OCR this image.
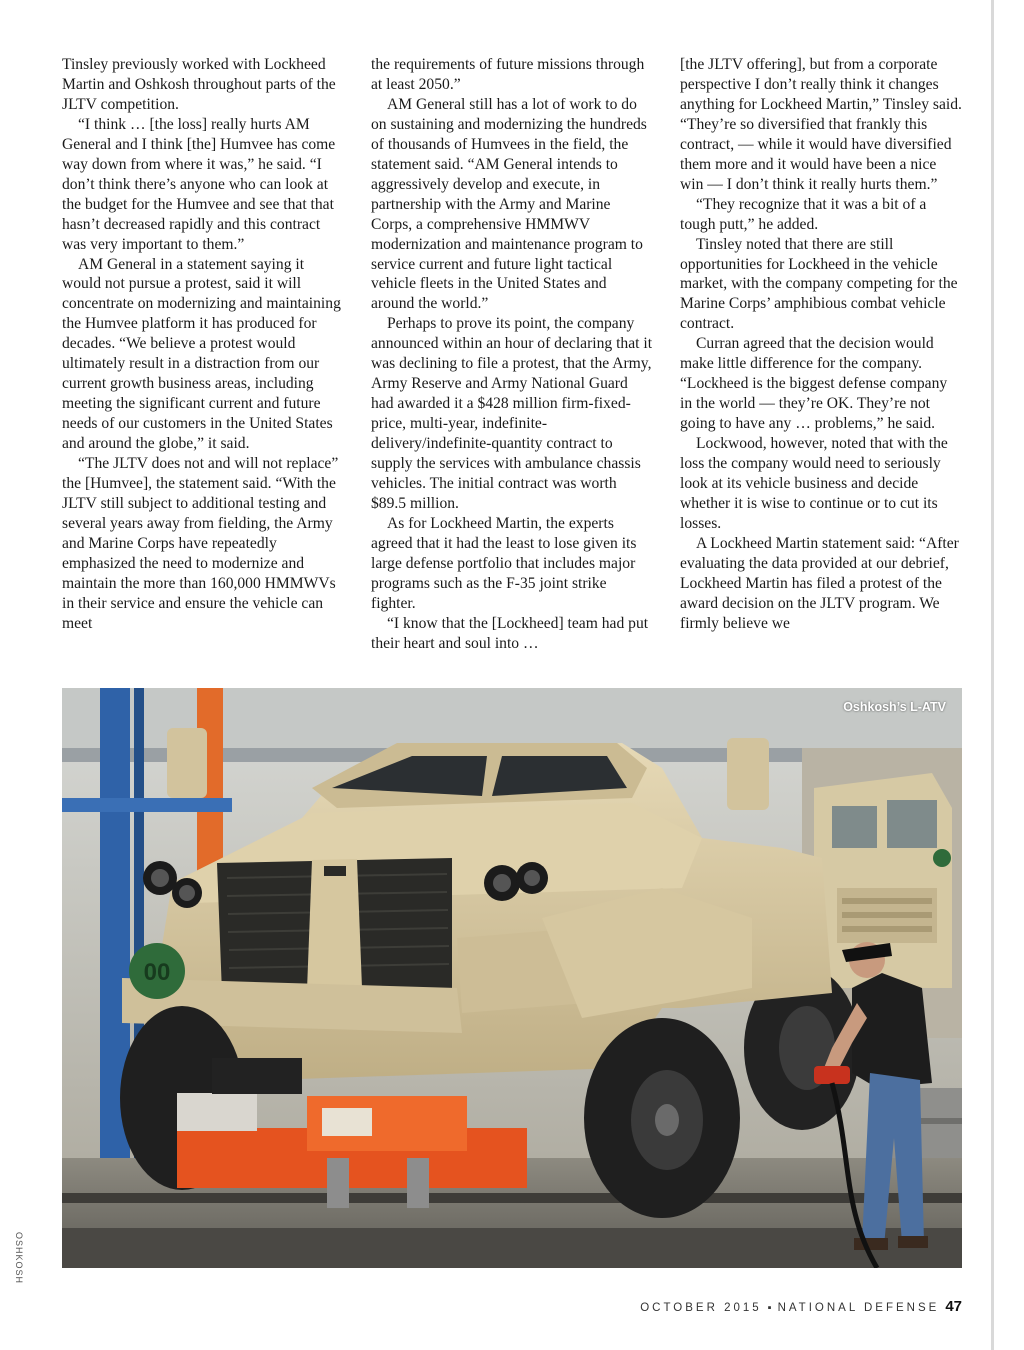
Tinsley previously worked with Lockheed Martin and Oshkosh throughout parts of the JLTV competition.

“I think … [the loss] really hurts AM General and I think [the] Humvee has come way down from where it was,” he said. “I don’t think there’s anyone who can look at the budget for the Humvee and see that that hasn’t decreased rapidly and this contract was very important to them.”

AM General in a statement saying it would not pursue a protest, said it will concentrate on modernizing and maintaining the Humvee platform it has produced for decades. “We believe a protest would ultimately result in a distraction from our current growth business areas, including meeting the significant current and future needs of our customers in the United States and around the globe,” it said.

“The JLTV does not and will not replace” the [Humvee], the statement said. “With the JLTV still subject to additional testing and several years away from fielding, the Army and Marine Corps have repeatedly emphasized the need to modernize and maintain the more than 160,000 HMMWVs in their service and ensure the vehicle can meet

the requirements of future missions through at least 2050.”

AM General still has a lot of work to do on sustaining and modernizing the hundreds of thousands of Humvees in the field, the statement said. “AM General intends to aggressively develop and execute, in partnership with the Army and Marine Corps, a comprehensive HMMWV modernization and maintenance program to service current and future light tactical vehicle fleets in the United States and around the world.”

Perhaps to prove its point, the company announced within an hour of declaring that it was declining to file a protest, that the Army, Army Reserve and Army National Guard had awarded it a $428 million firm-fixed-price, multi-year, indefinite-delivery/indefinite-quantity contract to supply the services with ambulance chassis vehicles. The initial contract was worth $89.5 million.

As for Lockheed Martin, the experts agreed that it had the least to lose given its large defense portfolio that includes major programs such as the F-35 joint strike fighter.

“I know that the [Lockheed] team had put their heart and soul into …

[the JLTV offering], but from a corporate perspective I don’t really think it changes anything for Lockheed Martin,” Tinsley said. “They’re so diversified that frankly this contract, — while it would have diversified them more and it would have been a nice win — I don’t think it really hurts them.”

“They recognize that it was a bit of a tough putt,” he added.

Tinsley noted that there are still opportunities for Lockheed in the vehicle market, with the company competing for the Marine Corps’ amphibious combat vehicle contract.

Curran agreed that the decision would make little difference for the company. “Lockheed is the biggest defense company in the world — they’re OK. They’re not going to have any … problems,” he said.

Lockwood, however, noted that with the loss the company would need to seriously look at its vehicle business and decide whether it is wise to continue or to cut its losses.

A Lockheed Martin statement said: “After evaluating the data provided at our debrief, Lockheed Martin has filed a protest of the award decision on the JLTV program. We firmly believe we

00
Oshkosh’s L-ATV
OSHKOSH
OCTOBER 2015 ▪ NATIONAL DEFENSE 47
